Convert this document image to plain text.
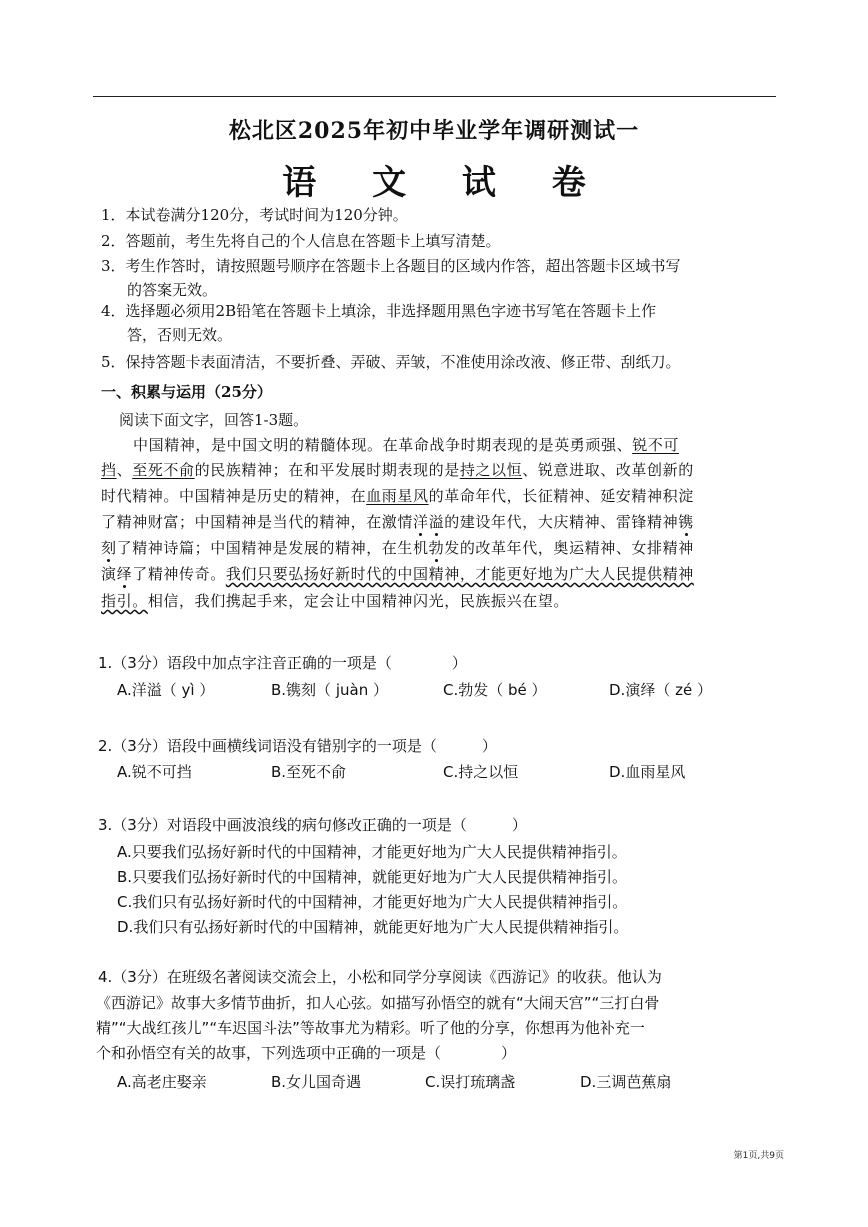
松北区2025年初中毕业学年调研测试一
语 文 试 卷
1．本试卷满分120分，考试时间为120分钟。
2．答题前，考生先将自己的个人信息在答题卡上填写清楚。
3．考生作答时，请按照题号顺序在答题卡上各题目的区域内作答，超出答题卡区域书写
的答案无效。
4．选择题必须用2B铅笔在答题卡上填涂，非选择题用黑色字迹书写笔在答题卡上作
答，否则无效。
5．保持答题卡表面清洁，不要折叠、弄破、弄皱，不准使用涂改液、修正带、刮纸刀。
一、积累与运用（25分）
阅读下面文字，回答1-3题。
中国精神，是中国文明的精髓体现。在革命战争时期表现的是英勇顽强、锐不可
挡、至死不俞的民族精神；在和平发展时期表现的是持之以恒、锐意进取、改革创新的
时代精神。中国精神是历史的精神，在血雨星风的革命年代，长征精神、延安精神积淀
了精神财富；中国精神是当代的精神，在激情洋溢的建设年代，大庆精神、雷锋精神镌
刻了精神诗篇；中国精神是发展的精神，在生机勃发的改革年代，奥运精神、女排精神
演绎了精神传奇。我们只要弘扬好新时代的中国精神，才能更好地为广大人民提供精神
指引。相信，我们携起手来，定会让中国精神闪光，民族振兴在望。
1.（3分）语段中加点字注音正确的一项是（　　　　）
A.洋溢（ yì ）	B.镌刻（ juàn ）	C.勃发（ bé ）	D.演绎（ zé ）
2.（3分）语段中画横线词语没有错别字的一项是（　　　）
A.锐不可挡	B.至死不俞	C.持之以恒	D.血雨星风
3.（3分）对语段中画波浪线的病句修改正确的一项是（　　　）
A.只要我们弘扬好新时代的中国精神，才能更好地为广大人民提供精神指引。
B.只要我们弘扬好新时代的中国精神，就能更好地为广大人民提供精神指引。
C.我们只有弘扬好新时代的中国精神，才能更好地为广大人民提供精神指引。
D.我们只有弘扬好新时代的中国精神，就能更好地为广大人民提供精神指引。
4.（3分）在班级名著阅读交流会上，小松和同学分享阅读《西游记》的收获。他认为
《西游记》故事大多情节曲折，扣人心弦。如描写孙悟空的就有“大闹天宫”“三打白骨
精”“大战红孩儿”“车迟国斗法”等故事尤为精彩。听了他的分享，你想再为他补充一
个和孙悟空有关的故事，下列选项中正确的一项是（　　　　）
A.高老庄娶亲	B.女儿国奇遇	C.误打琉璃盏	D.三调芭蕉扇
第1页,共9页
